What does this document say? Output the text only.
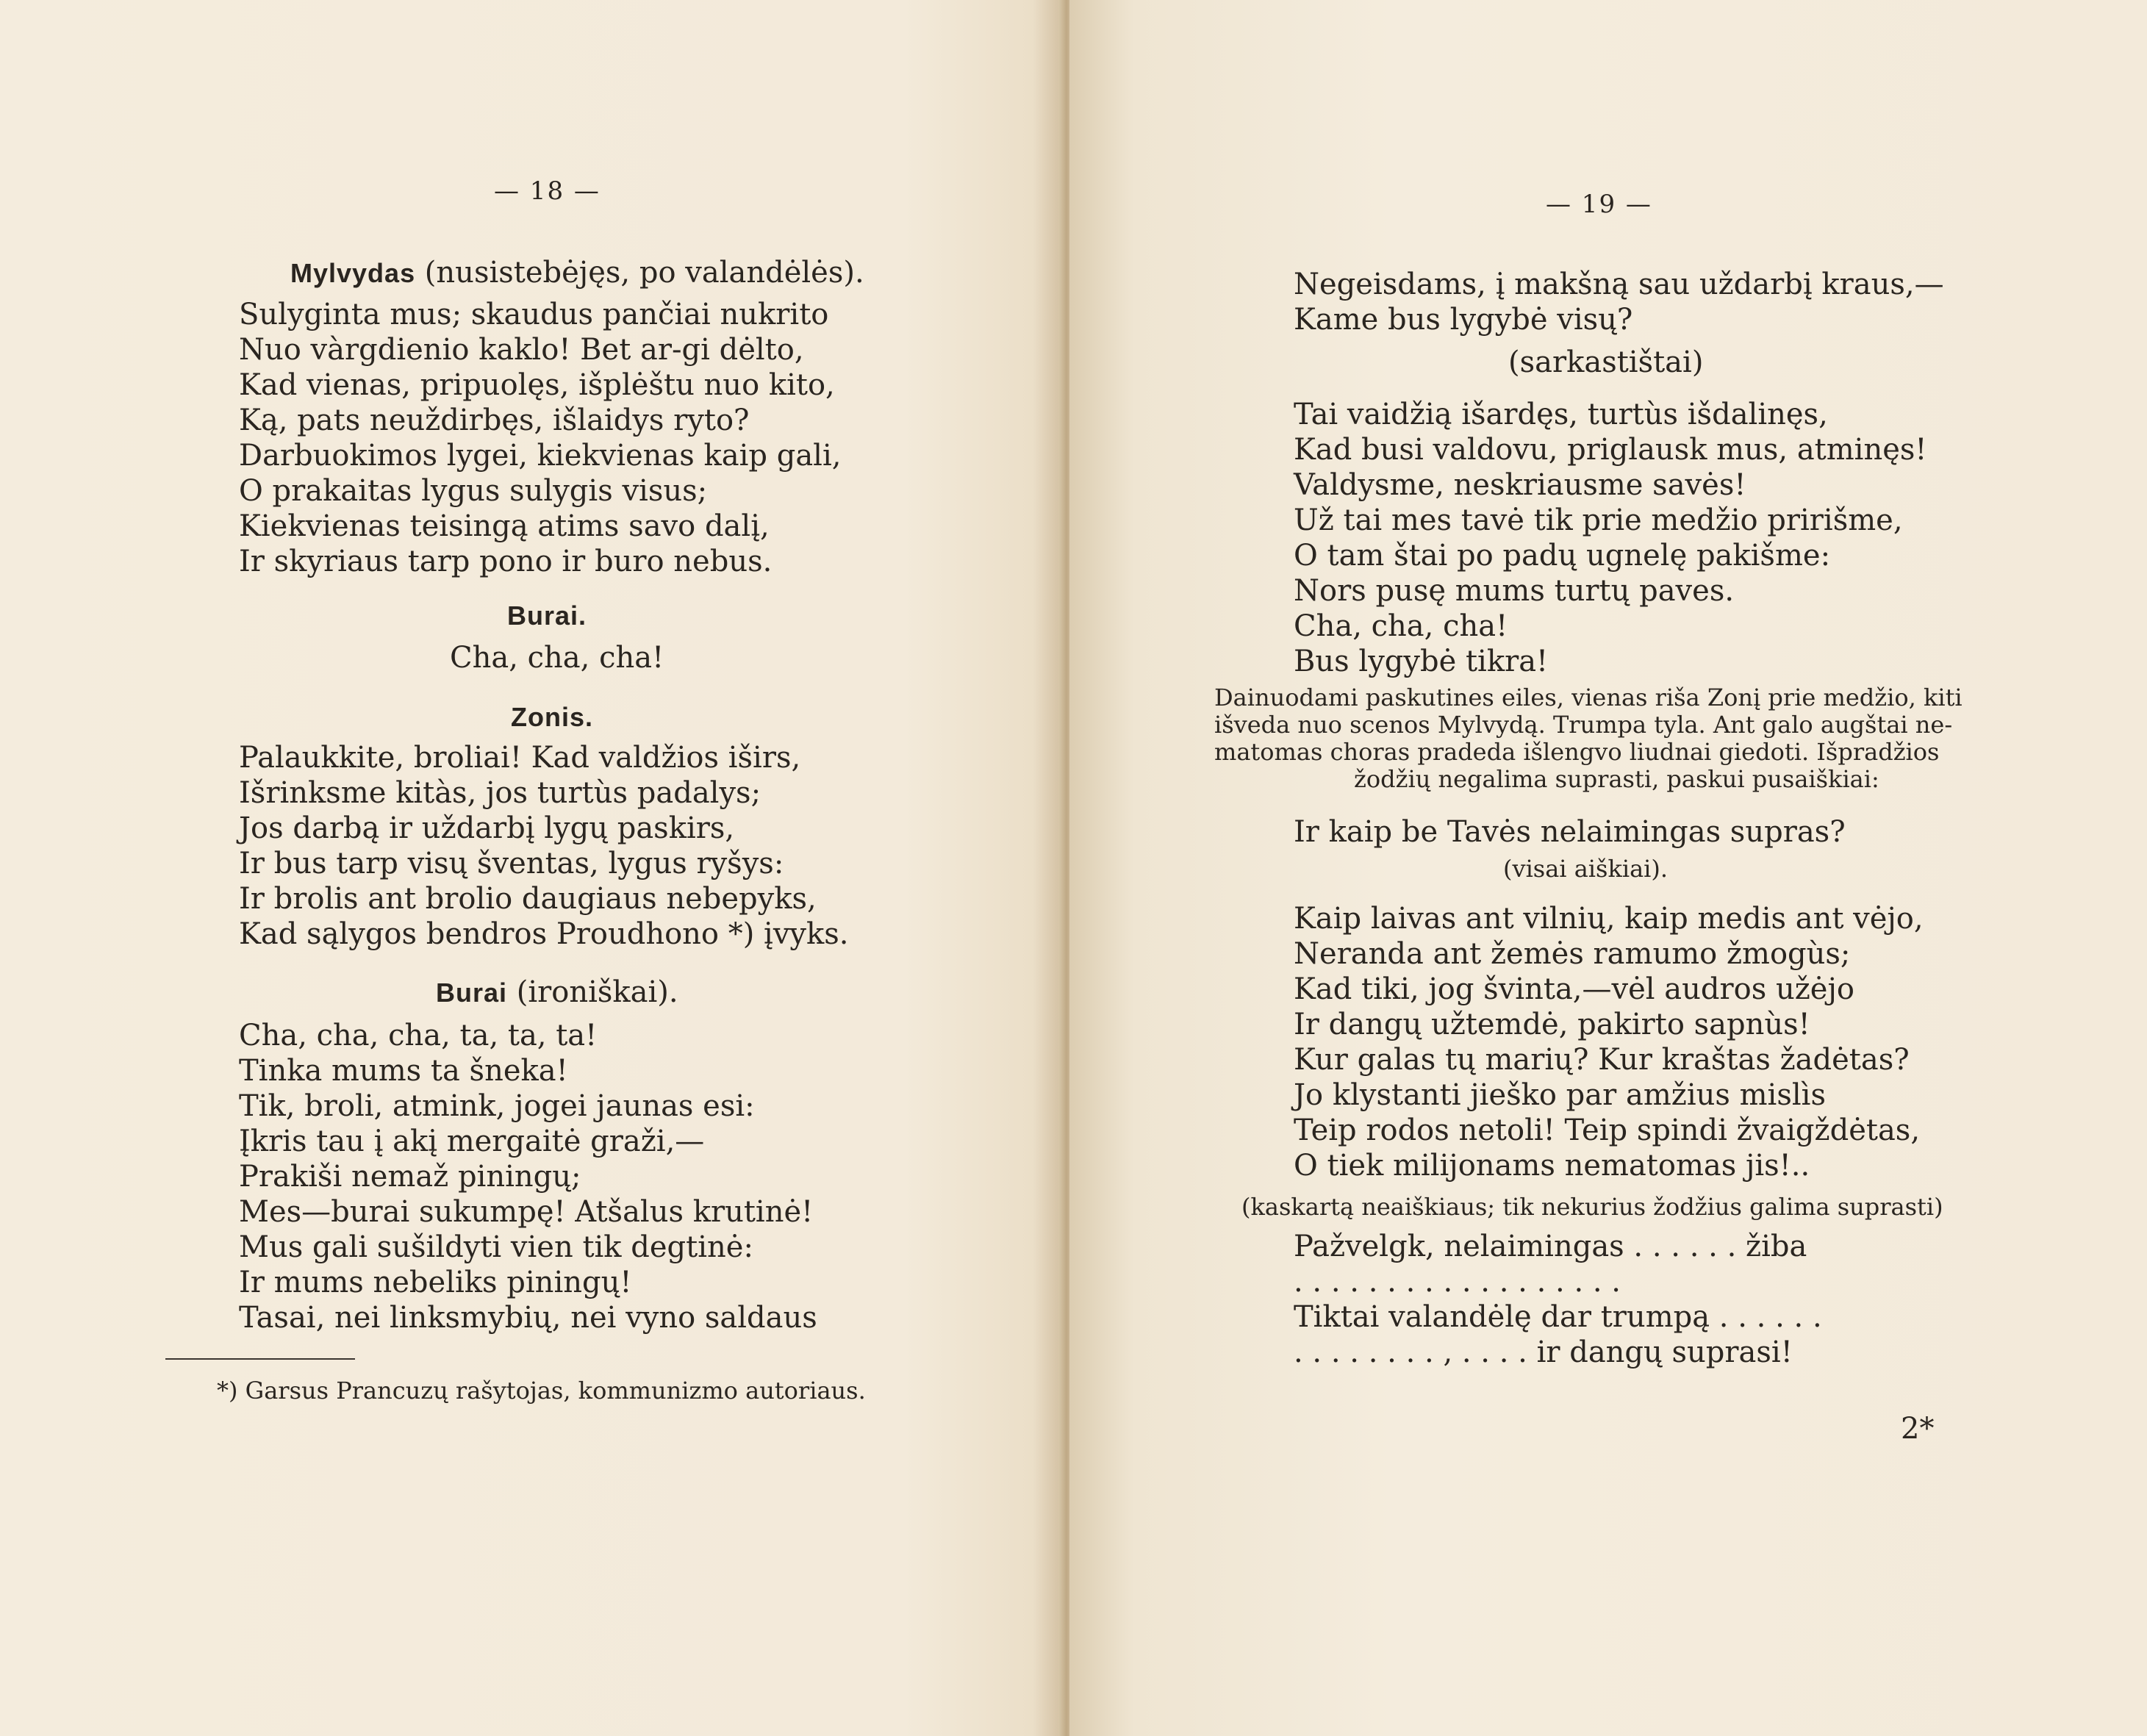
— 18 —
Mylvydas (nusistebėjęs, po valandėlės).
Sulyginta mus; skaudus pančiai nukrito
Nuo vàrgdienio kaklo! Bet ar-gi dėlto,
Kad vienas, pripuolęs, išplėštu nuo kito,
Ką, pats neuždirbęs, išlaidys ryto?
Darbuokimos lygei, kiekvienas kaip gali,
O prakaitas lygus sulygis visus;
Kiekvienas teisingą atims savo dalį,
Ir skyriaus tarp pono ir buro nebus.
Burai.
Cha, cha, cha!
Zonis.
Palaukkite, broliai! Kad valdžios iširs,
Išrinksme kitàs, jos turtùs padalys;
Jos darbą ir uždarbį lygų paskirs,
Ir bus tarp visų šventas, lygus ryšys:
Ir brolis ant brolio daugiaus nebepyks,
Kad sąlygos bendros Proudhono *) įvyks.
Burai (ironiškai).
Cha, cha, cha, ta, ta, ta!
Tinka mums ta šneka!
Tik, broli, atmink, jogei jaunas esi:
Įkris tau į akį mergaitė graži,—
Prakiši nemaž piningų;
Mes—burai sukumpę! Atšalus krutinė!
Mus gali sušildyti vien tik degtinė:
Ir mums nebeliks piningų!
Tasai, nei linksmybių, nei vyno saldaus
*) Garsus Prancuzų rašytojas, kommunizmo autoriaus.
— 19 —
Negeisdams, į makšną sau uždarbį kraus,—
Kame bus lygybė visų?
(sarkastištai)
Tai vaidžią išardęs, turtùs išdalinęs,
Kad busi valdovu, priglausk mus, atminęs!
Valdysme, neskriausme savės!
Už tai mes tavė tik prie medžio pririšme,
O tam štai po padų ugnelę pakišme:
Nors pusę mums turtų paves.
Cha, cha, cha!
Bus lygybė tikra!
Dainuodami paskutines eiles, vienas riša Zonį prie medžio, kiti
išveda nuo scenos Mylvydą. Trumpa tyla. Ant galo augštai ne-
matomas choras pradeda išlengvo liudnai giedoti. Išpradžios
žodžių negalima suprasti, paskui pusaiškiai:
Ir kaip be Tavės nelaimingas supras?
(visai aiškiai).
Kaip laivas ant vilnių, kaip medis ant vėjo,
Neranda ant žemės ramumo žmogùs;
Kad tiki, jog švinta,—vėl audros užėjo
Ir dangų užtemdė, pakirto sapnùs!
Kur galas tų marių? Kur kraštas žadėtas?
Jo klystanti jieško par amžius mislìs
Teip rodos netoli! Teip spindi žvaigždėtas,
O tiek milijonams nematomas jis!..
(kaskartą neaiškiaus; tik nekurius žodžius galima suprasti)
Pažvelgk, nelaimingas . . . . . . žiba
. . . . . . . . . . . . . . . . . .
Tiktai valandėlę dar trumpą . . . . . .
. . . . . . . . , . . . . ir dangų suprasi!
2*
